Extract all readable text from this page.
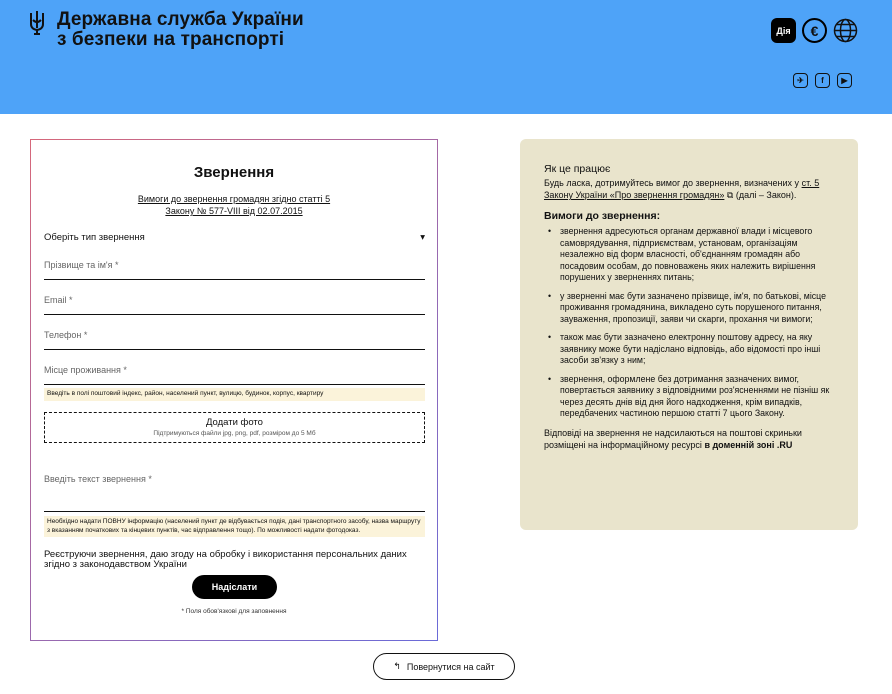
Державна служба України
з безпеки на транспорті	Дія	€
✈	f	▶
Звернення
Вимоги до звернення громадян згідно статті 5
Закону № 577-VIII від 02.07.2015
Оберіть тип звернення	▾
Прізвище та ім'я *
Email *
Телефон *
Місце проживання *
Введіть в полі поштовий індекс, район, населений пункт, вулицю, будинок, корпус, квартиру
Додати фото
Підтримуються файли jpg, png, pdf, розміром до 5 Мб
Введіть текст звернення *
Необхідно надати ПОВНУ інформацію (населений пункт де відбувається подія, дані транспортного засобу, назва маршруту з вказанням початкових та кінцевих пунктів, час відправлення тощо). По можливості надати фотодоказ.
Реєструючи звернення, даю згоду на обробку і використання персональних даних згідно з законодавством України
Надіслати
* Поля обов'язкові для заповнення
Як це працює

Будь ласка, дотримуйтесь вимог до звернення, визначених у ст. 5 Закону України «Про звернення громадян» ⧉ (далі – Закон).

Вимоги до звернення:
• звернення адресуються органам державної влади і місцевого самоврядування, підприємствам, установам, організаціям незалежно від форм власності, об'єднанням громадян або посадовим особам, до повноважень яких належить вирішення порушених у зверненнях питань;
• у зверненні має бути зазначено прізвище, ім'я, по батькові, місце проживання громадянина, викладено суть порушеного питання, зауваження, пропозиції, заяви чи скарги, прохання чи вимоги;
• також має бути зазначено електронну поштову адресу, на яку заявнику може бути надіслано відповідь, або відомості про інші засоби зв'язку з ним;
• звернення, оформлене без дотримання зазначених вимог, повертається заявнику з відповідними роз'ясненнями не пізніш як через десять днів від дня його надходження, крім випадків, передбачених частиною першою статті 7 цього Закону.

Відповіді на звернення не надсилаються на поштові скриньки розміщені на інформаційному ресурсі в доменній зоні .RU

↰ Повернутися на сайт
